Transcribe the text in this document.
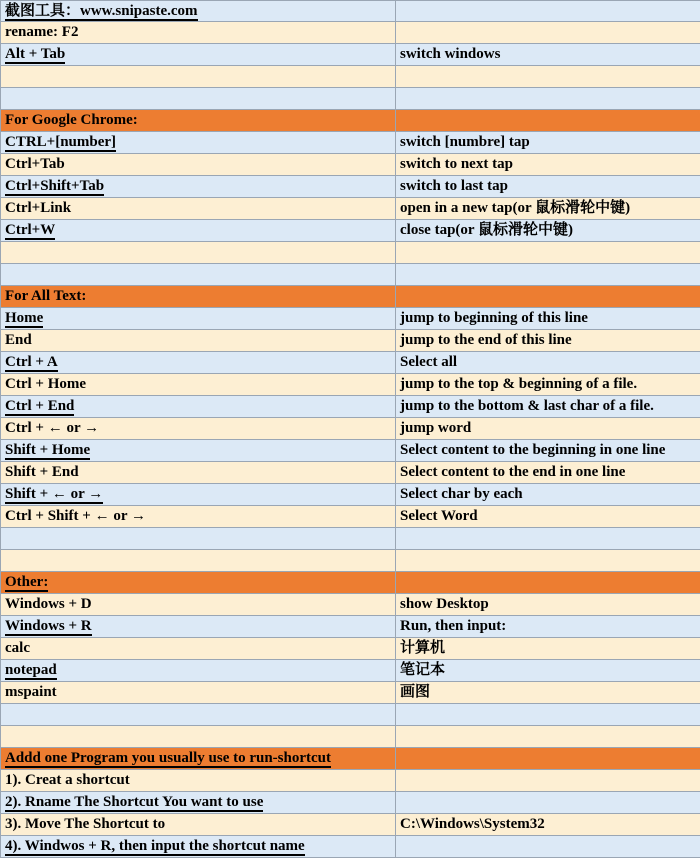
截图工具：www.snipaste.com
rename: F2
Alt + Tab	switch windows
For Google Chrome:
CTRL+[number]	switch [numbre] tap
Ctrl+Tab	switch to next tap
Ctrl+Shift+Tab	switch to last tap
Ctrl+Link	open in a new tap(or 鼠标滑轮中键)
Ctrl+W	close tap(or 鼠标滑轮中键)
For All Text:
Home	jump to beginning of this line
End	jump to the end of this line
Ctrl + A	Select all
Ctrl + Home	jump to the top & beginning of a file.
Ctrl + End	jump to the bottom & last char of a file.
Ctrl + ← or →	jump word
Shift + Home	Select content to the beginning in one line
Shift + End	Select content to the end in one line
Shift + ← or →	Select char by each
Ctrl + Shift + ← or →	Select Word
Other:
Windows + D	show Desktop
Windows + R	Run, then input:
calc	计算机
notepad	笔记本
mspaint	画图
Addd one Program you usually use to run-shortcut
1). Creat a shortcut
2). Rname The Shortcut You want to use
3). Move The Shortcut to	C:\Windows\System32
4). Windwos + R, then input the shortcut name
